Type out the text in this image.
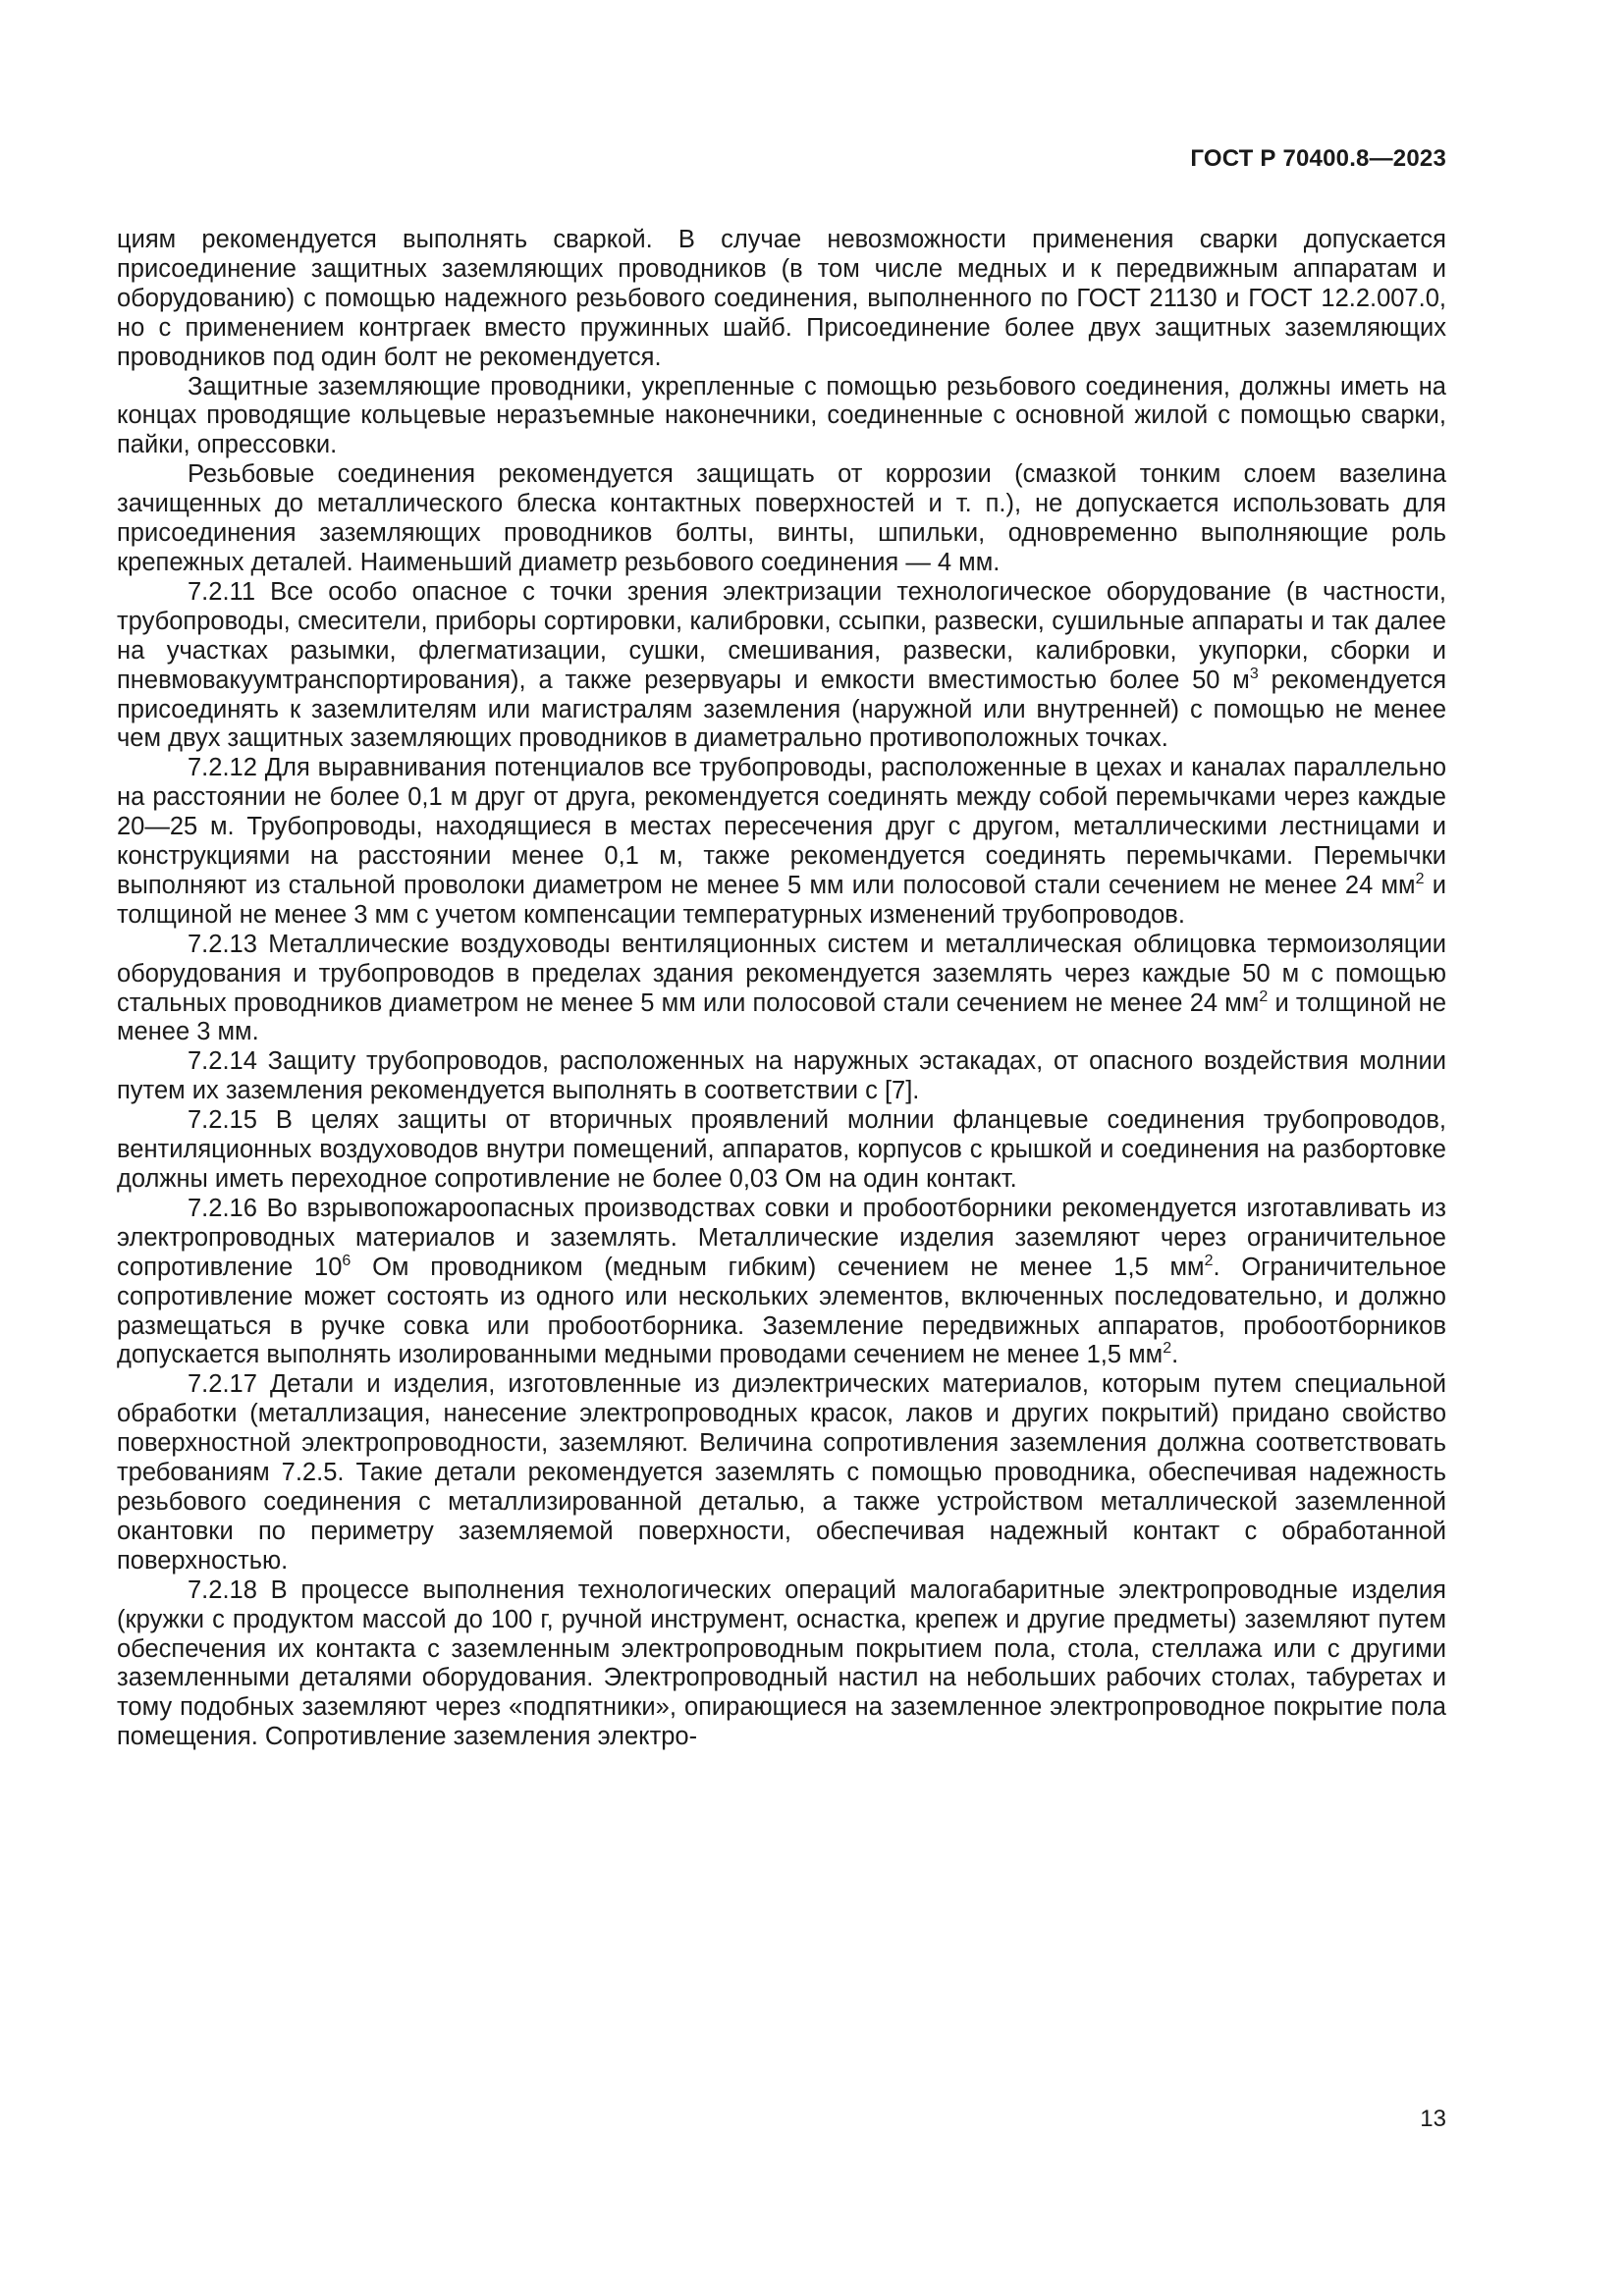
ГОСТ Р 70400.8—2023

циям рекомендуется выполнять сваркой. В случае невозможности применения сварки допускается присоединение защитных заземляющих проводников (в том числе медных и к передвижным аппаратам и оборудованию) с помощью надежного резьбового соединения, выполненного по ГОСТ 21130 и ГОСТ 12.2.007.0, но с применением контргаек вместо пружинных шайб. Присоединение более двух защитных заземляющих проводников под один болт не рекомендуется.

Защитные заземляющие проводники, укрепленные с помощью резьбового соединения, должны иметь на концах проводящие кольцевые неразъемные наконечники, соединенные с основной жилой с помощью сварки, пайки, опрессовки.

Резьбовые соединения рекомендуется защищать от коррозии (смазкой тонким слоем вазелина зачищенных до металлического блеска контактных поверхностей и т. п.), не допускается использовать для присоединения заземляющих проводников болты, винты, шпильки, одновременно выполняющие роль крепежных деталей. Наименьший диаметр резьбового соединения — 4 мм.

7.2.11 Все особо опасное с точки зрения электризации технологическое оборудование (в частности, трубопроводы, смесители, приборы сортировки, калибровки, ссыпки, развески, сушильные аппараты и так далее на участках разымки, флегматизации, сушки, смешивания, развески, калибровки, укупорки, сборки и пневмовакуумтранспортирования), а также резервуары и емкости вместимостью более 50 $м^3$ рекомендуется присоединять к заземлителям или магистралям заземления (наружной или внутренней) с помощью не менее чем двух защитных заземляющих проводников в диаметрально противоположных точках.

7.2.12 Для выравнивания потенциалов все трубопроводы, расположенные в цехах и каналах параллельно на расстоянии не более 0,1 м друг от друга, рекомендуется соединять между собой перемычками через каждые 20—25 м. Трубопроводы, находящиеся в местах пересечения друг с другом, металлическими лестницами и конструкциями на расстоянии менее 0,1 м, также рекомендуется соединять перемычками. Перемычки выполняют из стальной проволоки диаметром не менее 5 мм или полосовой стали сечением не менее 24 $мм^2$ и толщиной не менее 3 мм с учетом компенсации температурных изменений трубопроводов.

7.2.13 Металлические воздуховоды вентиляционных систем и металлическая облицовка термоизоляции оборудования и трубопроводов в пределах здания рекомендуется заземлять через каждые 50 м с помощью стальных проводников диаметром не менее 5 мм или полосовой стали сечением не менее 24 $мм^2$ и толщиной не менее 3 мм.

7.2.14 Защиту трубопроводов, расположенных на наружных эстакадах, от опасного воздействия молнии путем их заземления рекомендуется выполнять в соответствии с [7].

7.2.15 В целях защиты от вторичных проявлений молнии фланцевые соединения трубопроводов, вентиляционных воздуховодов внутри помещений, аппаратов, корпусов с крышкой и соединения на разбортовке должны иметь переходное сопротивление не более 0,03 Ом на один контакт.

7.2.16 Во взрывопожароопасных производствах совки и пробоотборники рекомендуется изготавливать из электропроводных материалов и заземлять. Металлические изделия заземляют через ограничительное сопротивление $10^6$ Ом проводником (медным гибким) сечением не менее 1,5 $мм^2$. Ограничительное сопротивление может состоять из одного или нескольких элементов, включенных последовательно, и должно размещаться в ручке совка или пробоотборника. Заземление передвижных аппаратов, пробоотборников допускается выполнять изолированными медными проводами сечением не менее 1,5 $мм^2$.

7.2.17 Детали и изделия, изготовленные из диэлектрических материалов, которым путем специальной обработки (металлизация, нанесение электропроводных красок, лаков и других покрытий) придано свойство поверхностной электропроводности, заземляют. Величина сопротивления заземления должна соответствовать требованиям 7.2.5. Такие детали рекомендуется заземлять с помощью проводника, обеспечивая надежность резьбового соединения с металлизированной деталью, а также устройством металлической заземленной окантовки по периметру заземляемой поверхности, обеспечивая надежный контакт с обработанной поверхностью.

7.2.18 В процессе выполнения технологических операций малогабаритные электропроводные изделия (кружки с продуктом массой до 100 г, ручной инструмент, оснастка, крепеж и другие предметы) заземляют путем обеспечения их контакта с заземленным электропроводным покрытием пола, стола, стеллажа или с другими заземленными деталями оборудования. Электропроводный настил на небольших рабочих столах, табуретах и тому подобных заземляют через «подпятники», опирающиеся на заземленное электропроводное покрытие пола помещения. Сопротивление заземления электро-

13
